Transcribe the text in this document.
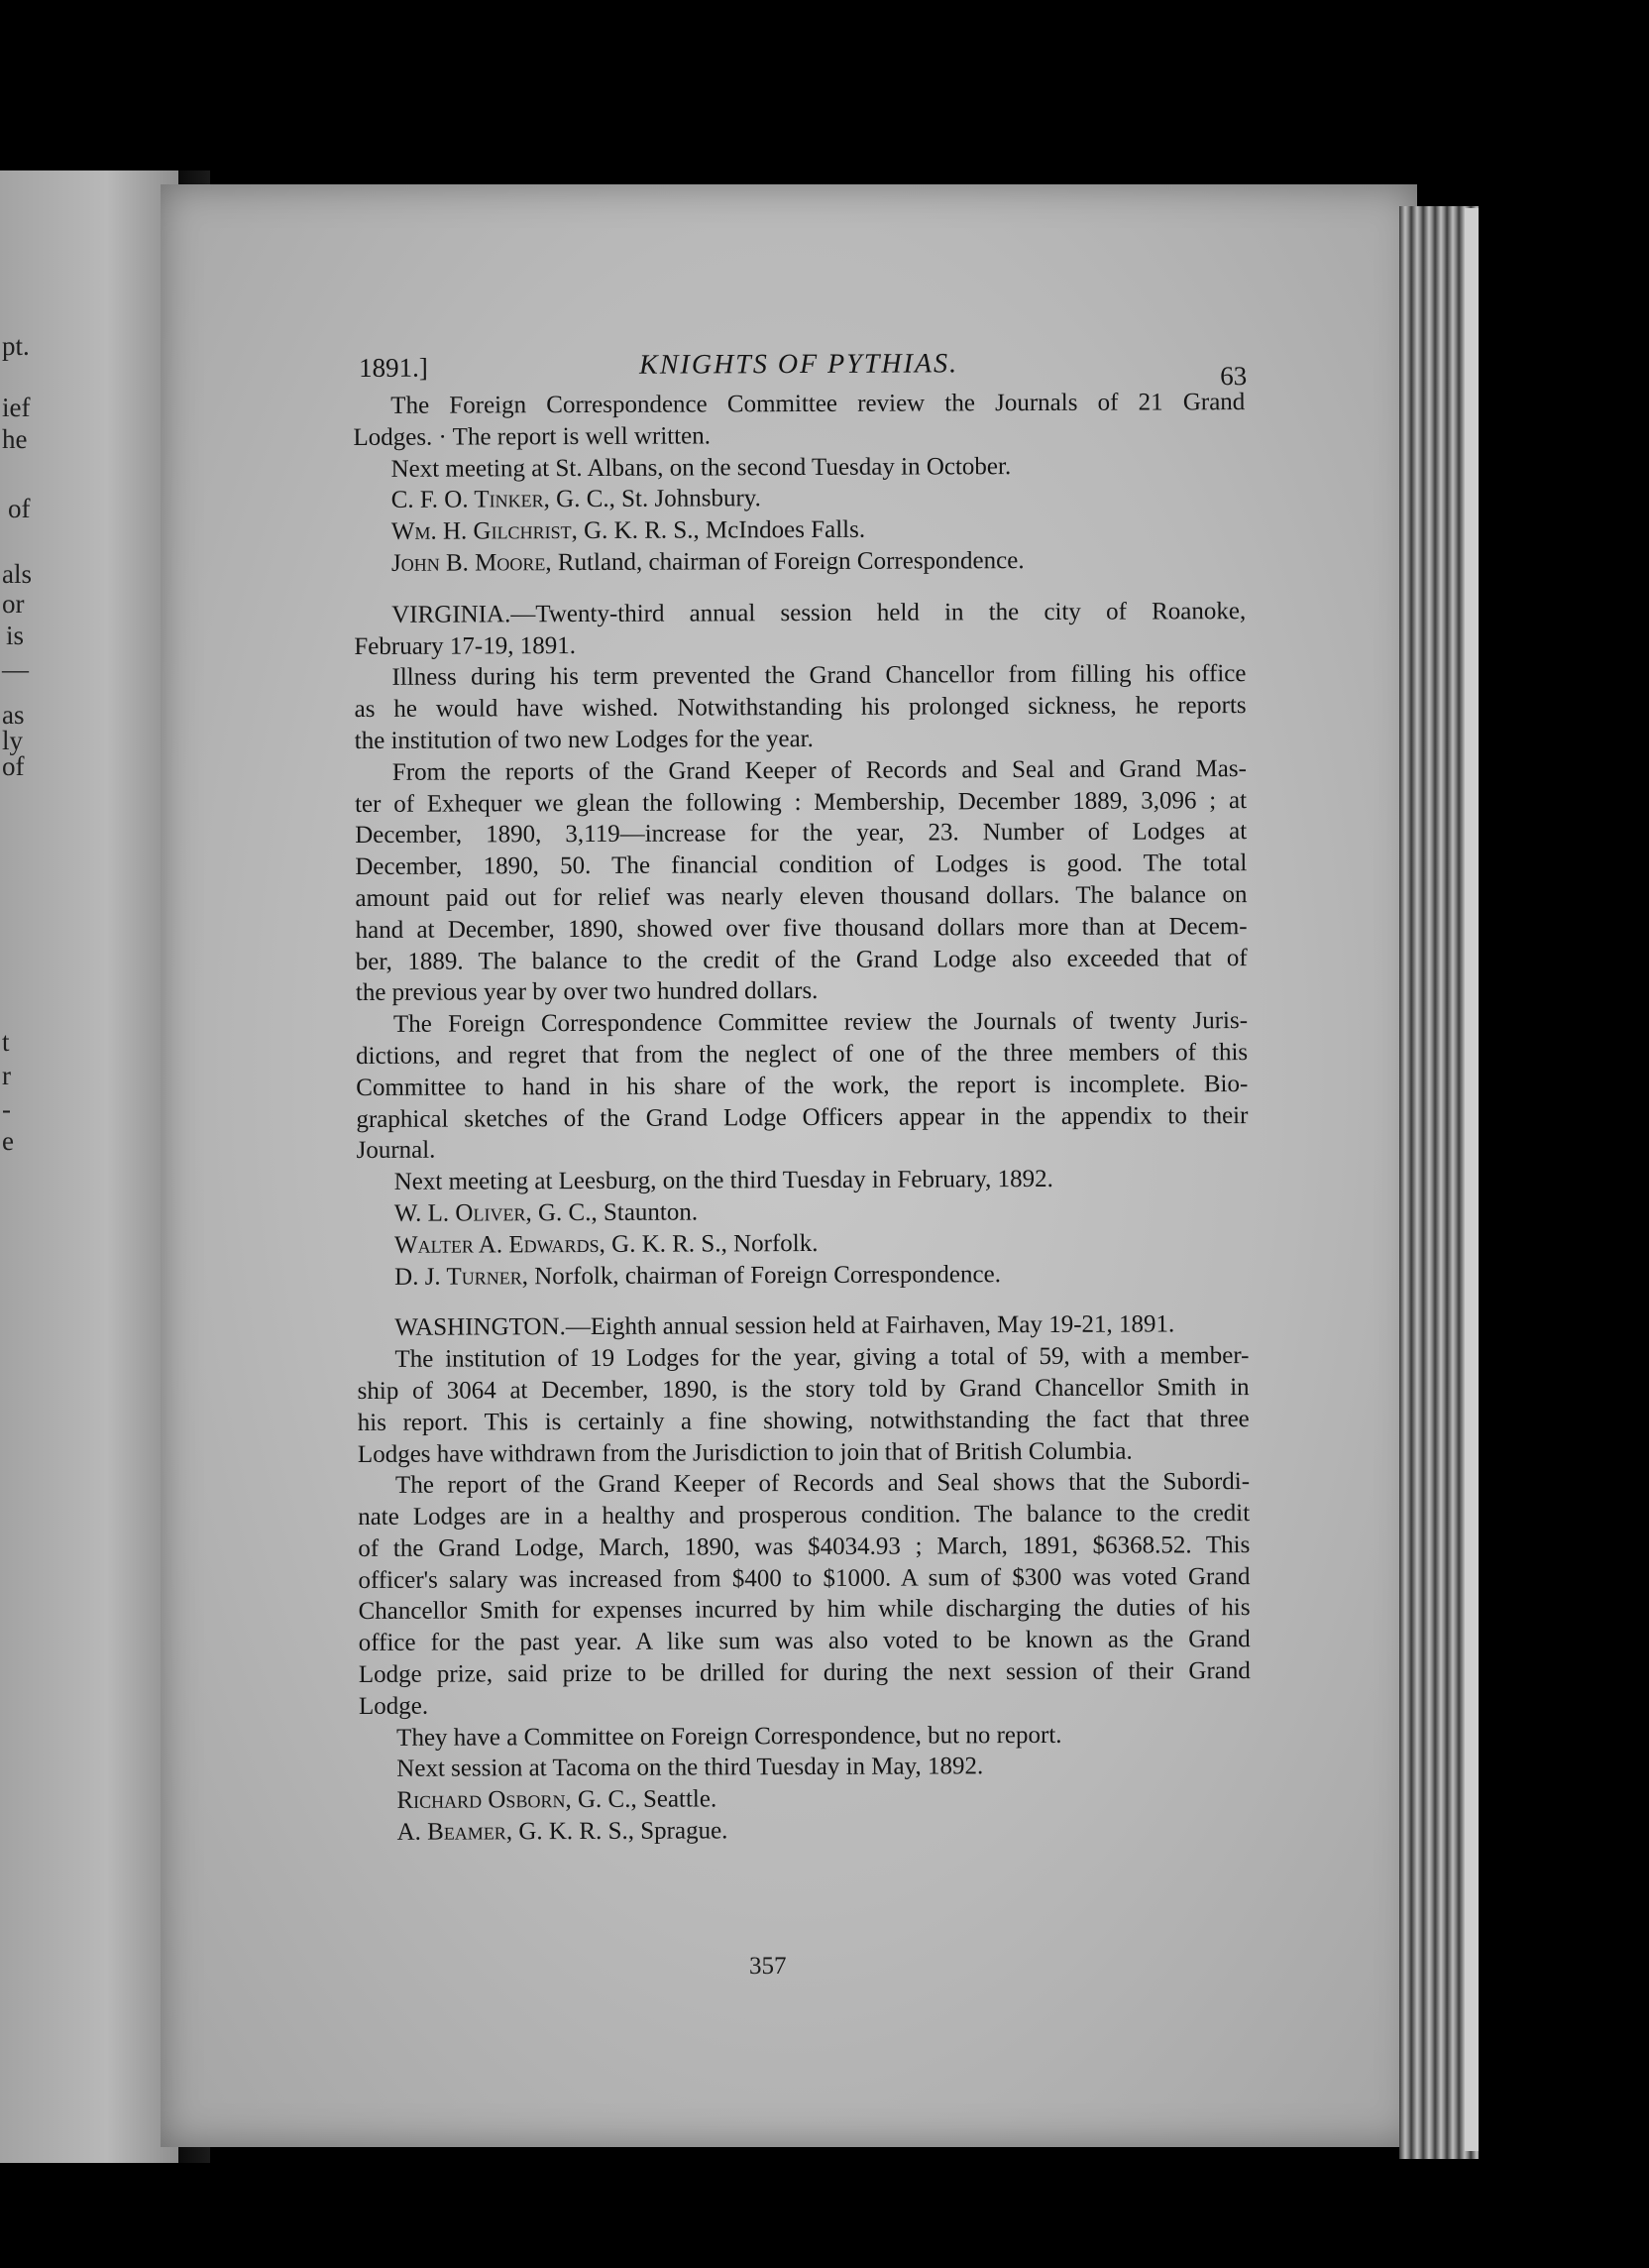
pt.
ief
he
of
als
or
is
—
as
ly
of
t
r
-
e
1891.]	KNIGHTS OF PYTHIAS.	63
The Foreign Correspondence Committee review the Journals of 21 Grand
Lodges. · The report is well written.
Next meeting at St. Albans, on the second Tuesday in October.
C. F. O. Tinker, G. C., St. Johnsbury.
Wm. H. Gilchrist, G. K. R. S., McIndoes Falls.
John B. Moore, Rutland, chairman of Foreign Correspondence.
VIRGINIA.—Twenty-third annual session held in the city of Roanoke,
February 17-19, 1891.
Illness during his term prevented the Grand Chancellor from filling his office
as he would have wished. Notwithstanding his prolonged sickness, he reports
the institution of two new Lodges for the year.
From the reports of the Grand Keeper of Records and Seal and Grand Mas-
ter of Exhequer we glean the following : Membership, December 1889, 3,096 ; at
December, 1890, 3,119—increase for the year, 23. Number of Lodges at
December, 1890, 50. The financial condition of Lodges is good. The total
amount paid out for relief was nearly eleven thousand dollars. The balance on
hand at December, 1890, showed over five thousand dollars more than at Decem-
ber, 1889. The balance to the credit of the Grand Lodge also exceeded that of
the previous year by over two hundred dollars.
The Foreign Correspondence Committee review the Journals of twenty Juris-
dictions, and regret that from the neglect of one of the three members of this
Committee to hand in his share of the work, the report is incomplete. Bio-
graphical sketches of the Grand Lodge Officers appear in the appendix to their
Journal.
Next meeting at Leesburg, on the third Tuesday in February, 1892.
W. L. Oliver, G. C., Staunton.
Walter A. Edwards, G. K. R. S., Norfolk.
D. J. Turner, Norfolk, chairman of Foreign Correspondence.
WASHINGTON.—Eighth annual session held at Fairhaven, May 19-21, 1891.
The institution of 19 Lodges for the year, giving a total of 59, with a member-
ship of 3064 at December, 1890, is the story told by Grand Chancellor Smith in
his report. This is certainly a fine showing, notwithstanding the fact that three
Lodges have withdrawn from the Jurisdiction to join that of British Columbia.
The report of the Grand Keeper of Records and Seal shows that the Subordi-
nate Lodges are in a healthy and prosperous condition. The balance to the credit
of the Grand Lodge, March, 1890, was $4034.93 ; March, 1891, $6368.52. This
officer's salary was increased from $400 to $1000. A sum of $300 was voted Grand
Chancellor Smith for expenses incurred by him while discharging the duties of his
office for the past year. A like sum was also voted to be known as the Grand
Lodge prize, said prize to be drilled for during the next session of their Grand
Lodge.
They have a Committee on Foreign Correspondence, but no report.
Next session at Tacoma on the third Tuesday in May, 1892.
Richard Osborn, G. C., Seattle.
A. Beamer, G. K. R. S., Sprague.
357
